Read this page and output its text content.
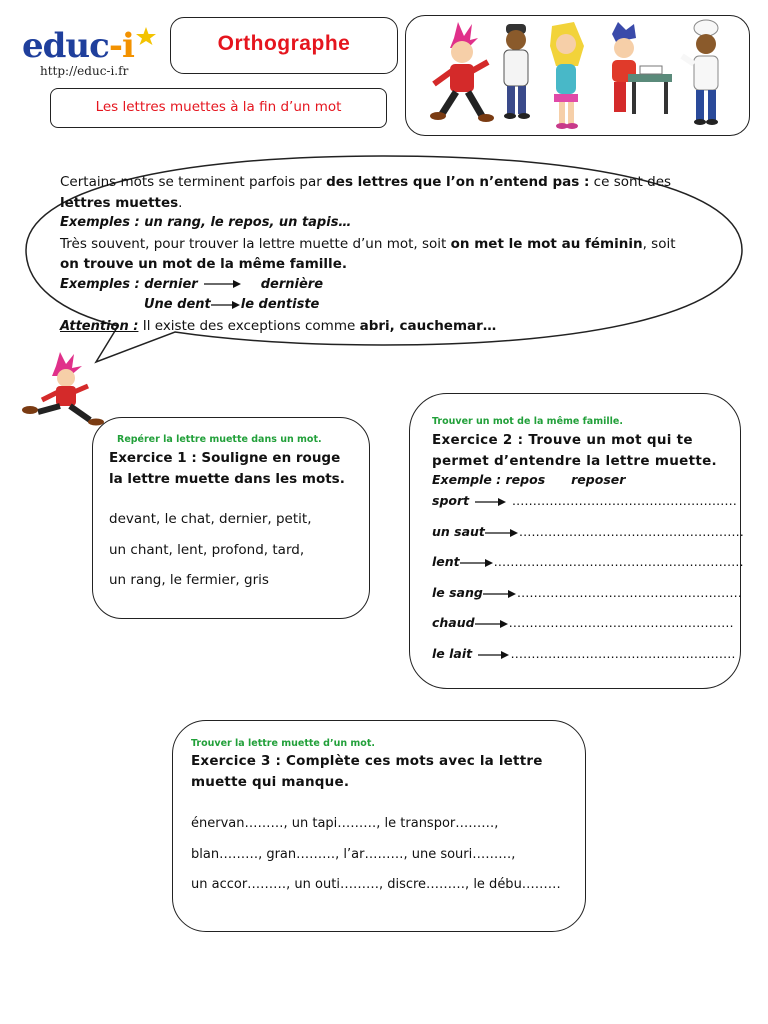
educ-i
http://educ-i.fr
Orthographe
Les lettres muettes à la fin d’un mot
Certains mots se terminent parfois par des lettres que l’on n’entend pas : ce sont des
lettres muettes.
Exemples : un rang, le repos, un tapis…
Très souvent, pour trouver la lettre muette d’un mot, soit on met le mot au féminin, soit
on trouve un mot de la même famille.
Exemples : dernier	dernière
Une dent le dentiste
Attention : Il existe des exceptions comme abri, cauchemar…
Repérer la lettre muette dans un mot.
Exercice 1 : Souligne en rouge
la lettre muette dans les mots.
devant, le chat, dernier, petit,
un chant, lent, profond, tard,
un rang, le fermier, gris
Trouver un mot de la même famille.
Exercice 2 : Trouve un mot qui te
permet d’entendre la lettre muette.
Exemple : repos reposer
sport	………………………………………………
un saut	………………………………………………
lent	……………………………………………………
le sang	………………………………………………
chaud	………………………………………………
le lait	………………………………………………
Trouver la lettre muette d’un mot.
Exercice 3 : Complète ces mots avec la lettre
muette qui manque.
énervan………, un tapi………, le transpor………,
blan………, gran………, l’ar………, une souri………,
un accor………, un outi………, discre………, le débu………
